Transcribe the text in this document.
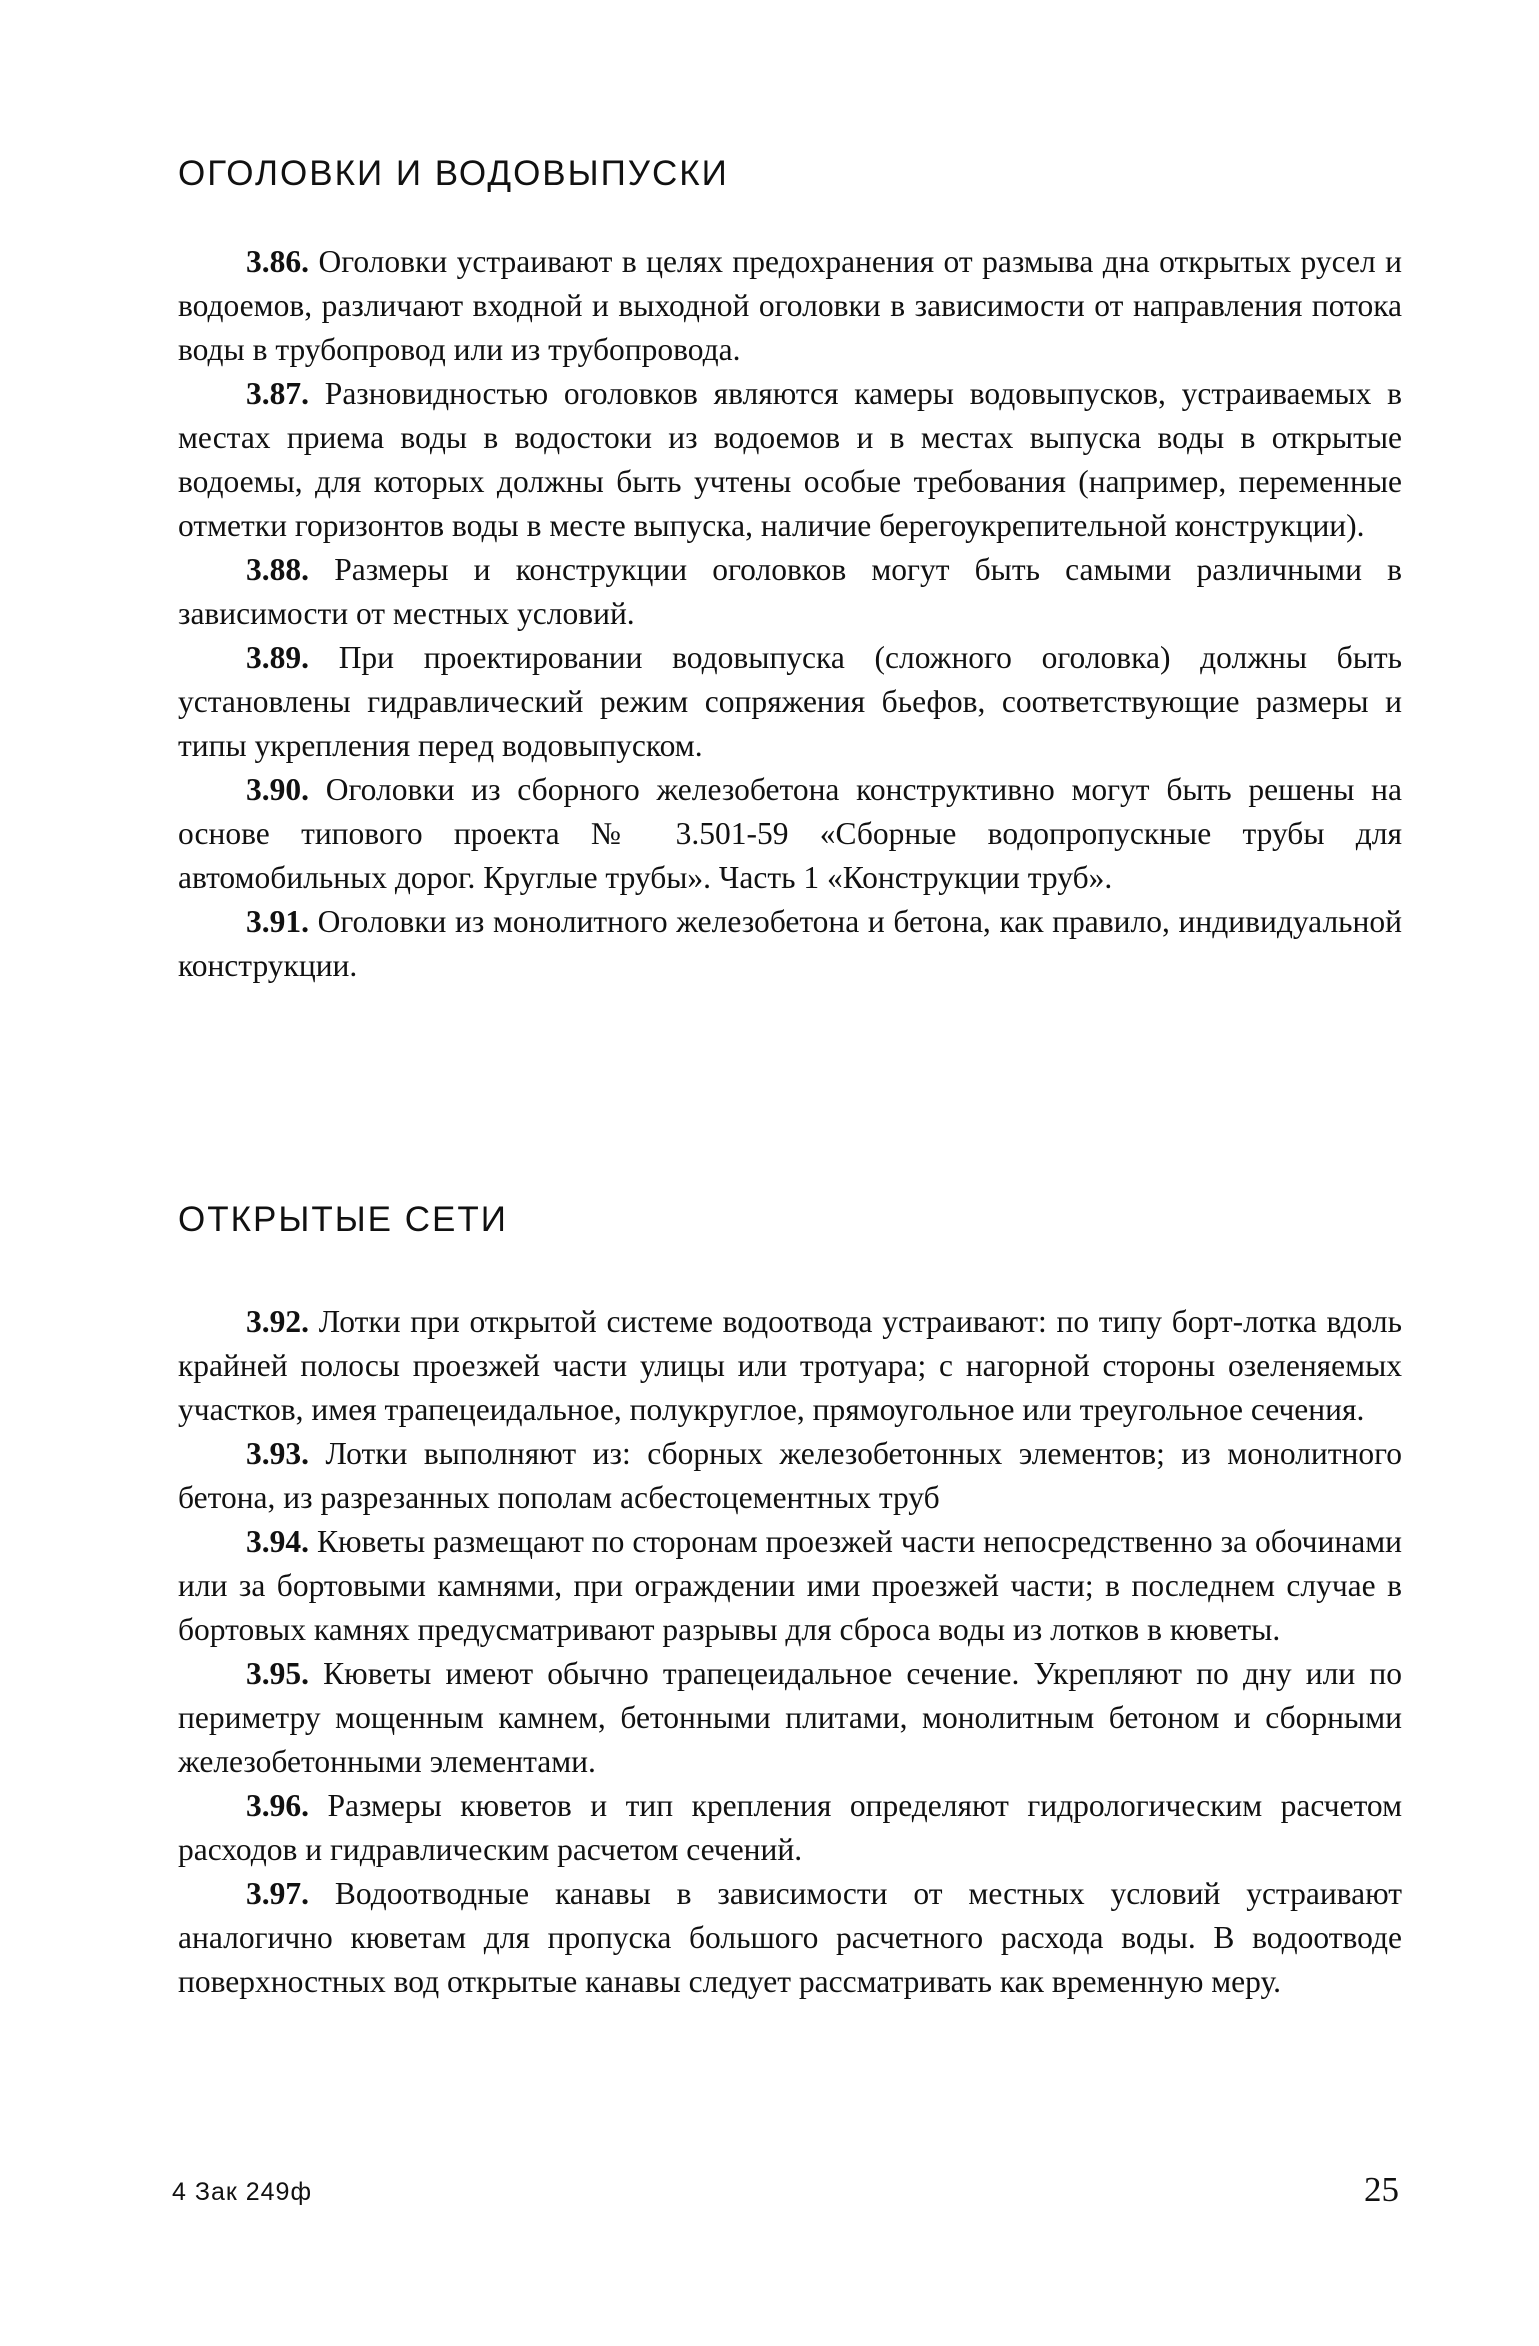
ОГОЛОВКИ И ВОДОВЫПУСКИ

3.86. Оголовки устраивают в целях предохранения от размыва дна открытых русел и водоемов, различают входной и выходной оголовки в зависимости от направления потока воды в трубопровод или из трубопровода.

3.87. Разновидностью оголовков являются камеры водовыпусков, устраиваемых в местах приема воды в водостоки из водоемов и в местах выпуска воды в открытые водоемы, для которых должны быть учтены особые требования (например, переменные отметки горизонтов воды в месте выпуска, наличие берегоукрепительной конструкции).

3.88. Размеры и конструкции оголовков могут быть самыми различными в зависимости от местных условий.

3.89. При проектировании водовыпуска (сложного оголовка) должны быть установлены гидравлический режим сопряжения бьефов, соответствующие размеры и типы укрепления перед водовыпуском.

3.90. Оголовки из сборного железобетона конструктивно могут быть решены на основе типового проекта № 3.501-59 «Сборные водопропускные трубы для автомобильных дорог. Круглые трубы». Часть 1 «Конструкции труб».

3.91. Оголовки из монолитного железобетона и бетона, как правило, индивидуальной конструкции.

ОТКРЫТЫЕ СЕТИ

3.92. Лотки при открытой системе водоотвода устраивают: по типу борт-лотка вдоль крайней полосы проезжей части улицы или тротуара; с нагорной стороны озеленяемых участков, имея трапецеидальное, полукруглое, прямоугольное или треугольное сечения.

3.93. Лотки выполняют из: сборных железобетонных элементов; из монолитного бетона, из разрезанных пополам асбестоцементных труб

3.94. Кюветы размещают по сторонам проезжей части непосредственно за обочинами или за бортовыми камнями, при ограждении ими проезжей части; в последнем случае в бортовых камнях предусматривают разрывы для сброса воды из лотков в кюветы.

3.95. Кюветы имеют обычно трапецеидальное сечение. Укрепляют по дну или по периметру мощенным камнем, бетонными плитами, монолитным бетоном и сборными железобетонными элементами.

3.96. Размеры кюветов и тип крепления определяют гидрологическим расчетом расходов и гидравлическим расчетом сечений.

3.97. Водоотводные канавы в зависимости от местных условий устраивают аналогично кюветам для пропуска большого расчетного расхода воды. В водоотводе поверхностных вод открытые канавы следует рассматривать как временную меру.

4 Зак 249ф	25
